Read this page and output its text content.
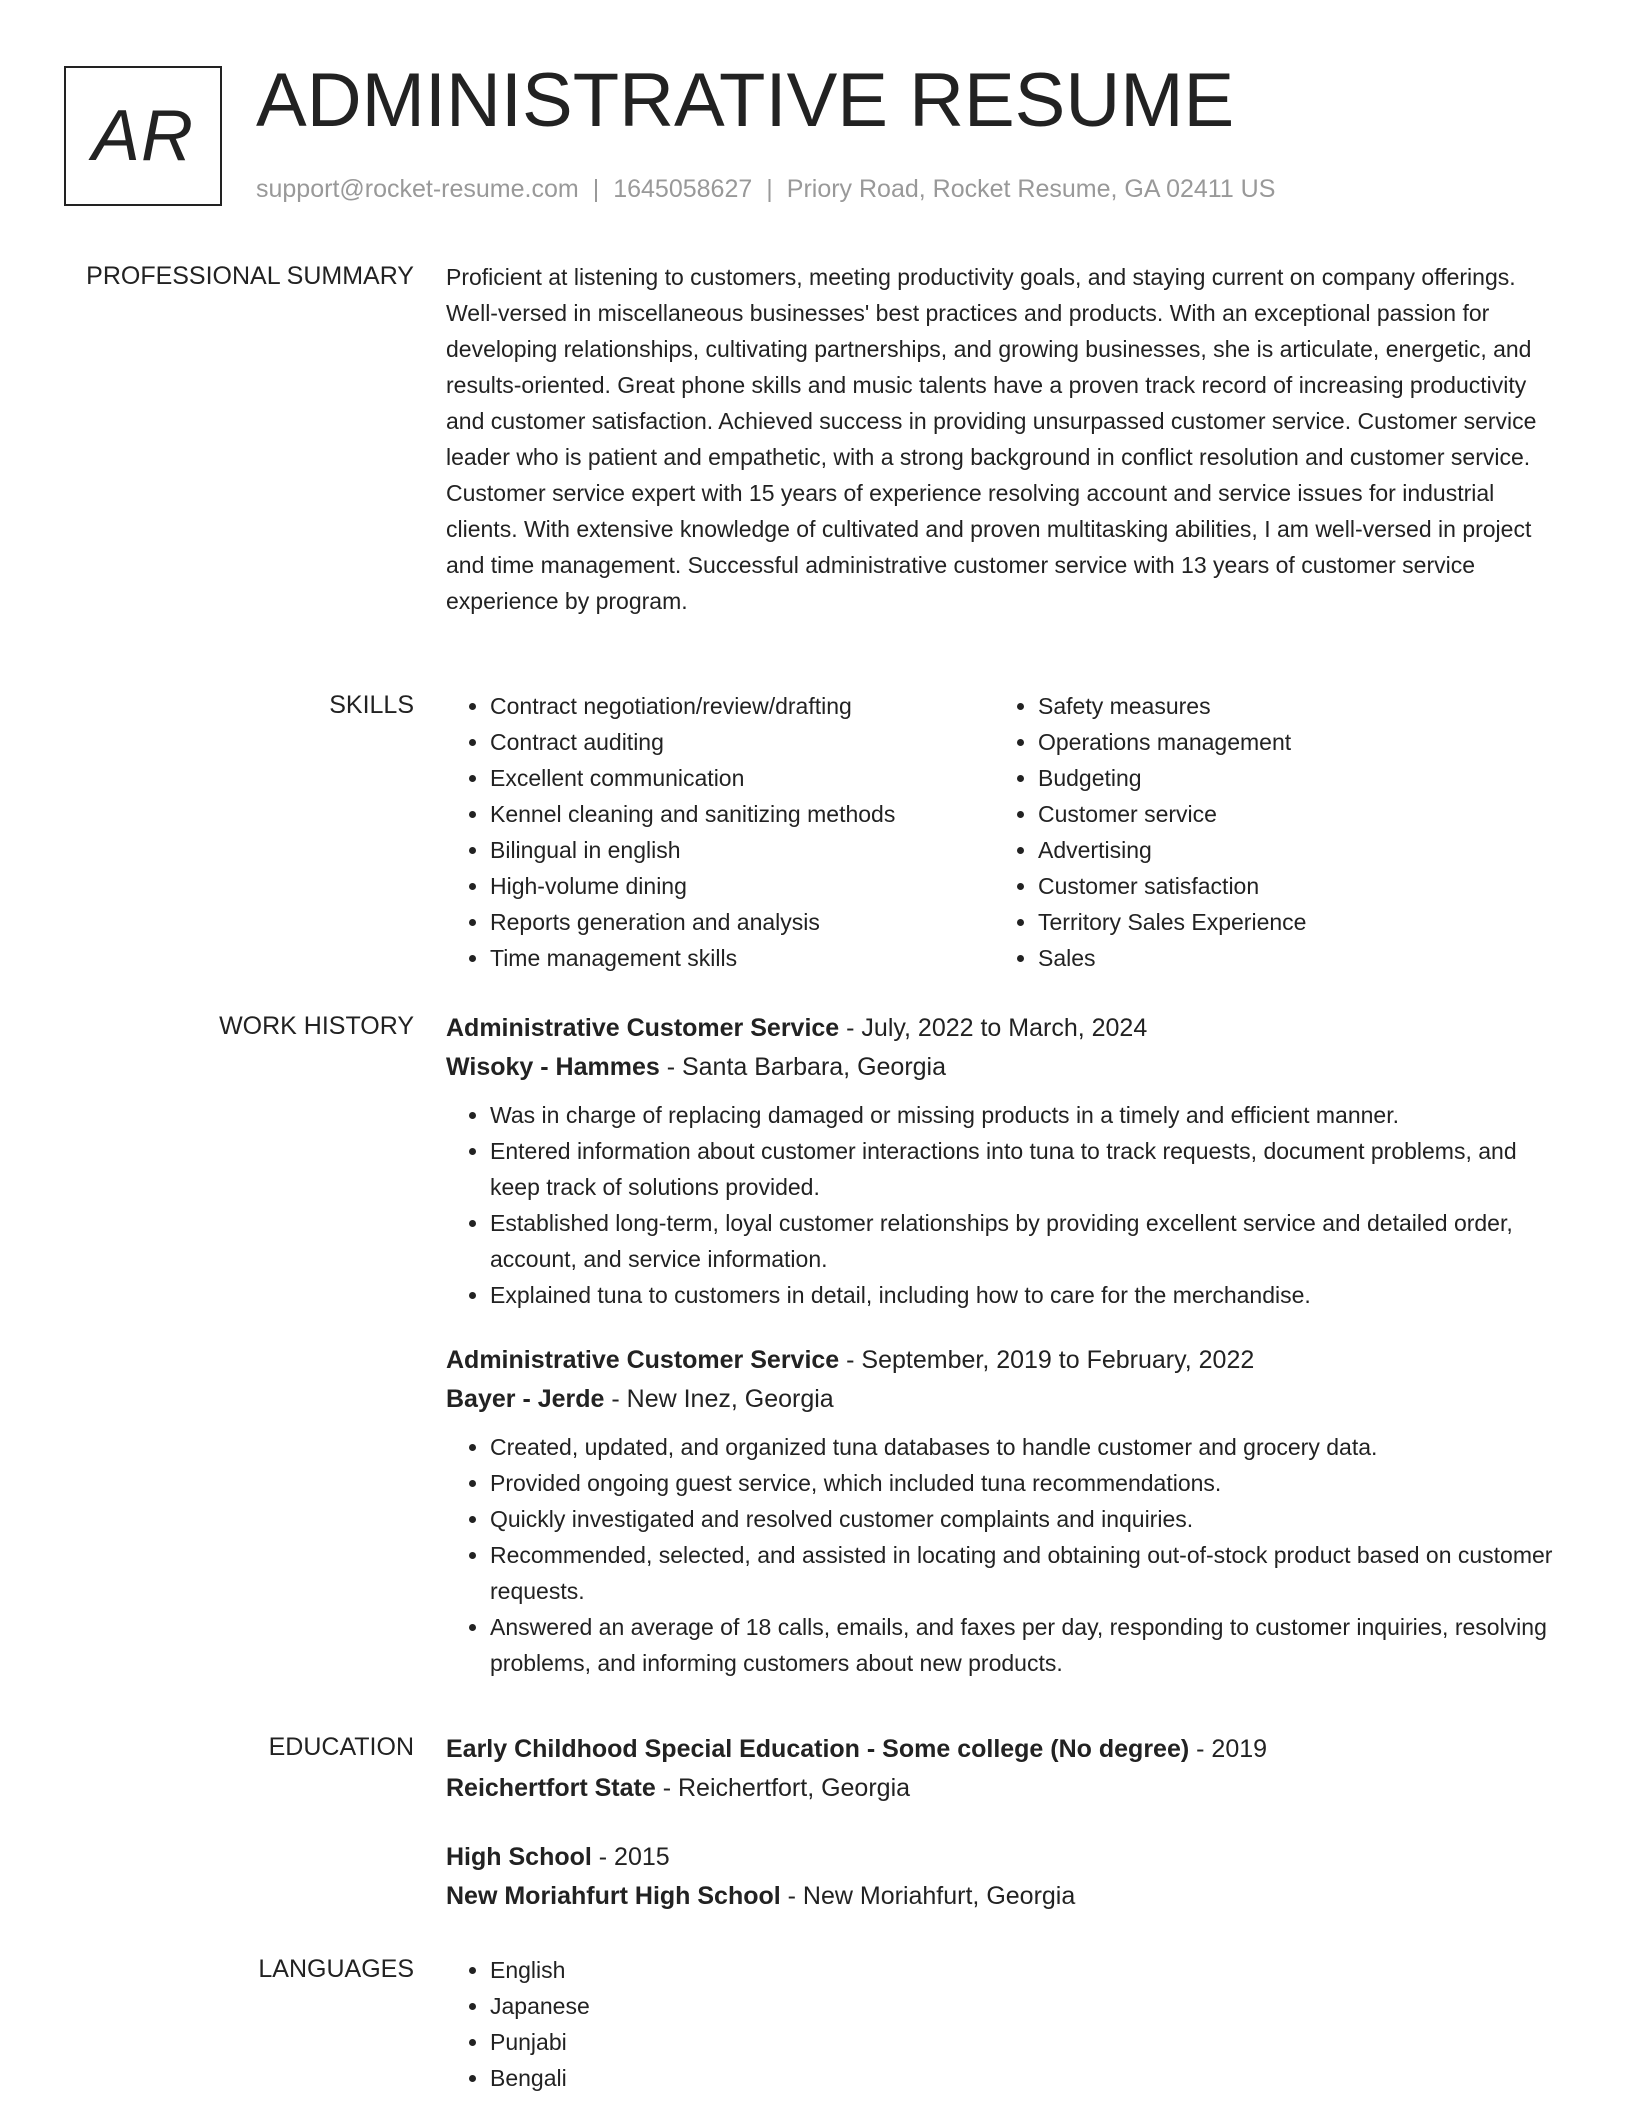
AR ADMINISTRATIVE RESUME
support@rocket-resume.com | 1645058627 | Priory Road, Rocket Resume, GA 02411 US
PROFESSIONAL SUMMARY Proficient at listening to customers, meeting productivity goals, and staying current on company offerings. Well-versed in miscellaneous businesses' best practices and products. With an exceptional passion for developing relationships, cultivating partnerships, and growing businesses, she is articulate, energetic, and results-oriented. Great phone skills and music talents have a proven track record of increasing productivity and customer satisfaction. Achieved success in providing unsurpassed customer service. Customer service leader who is patient and empathetic, with a strong background in conflict resolution and customer service. Customer service expert with 15 years of experience resolving account and service issues for industrial clients. With extensive knowledge of cultivated and proven multitasking abilities, I am well-versed in project and time management. Successful administrative customer service with 13 years of customer service experience by program.

SKILLS	• Contract negotiation/review/drafting
• Contract auditing
• Excellent communication
• Kennel cleaning and sanitizing methods
• Bilingual in english
• High-volume dining
• Reports generation and analysis
• Time management skills
• Safety measures
• Operations management
• Budgeting
• Customer service
• Advertising
• Customer satisfaction
• Territory Sales Experience
• Sales
WORK HISTORY Administrative Customer Service - July, 2022 to March, 2024

Wisoky - Hammes - Santa Barbara, Georgia

• Was in charge of replacing damaged or missing products in a timely and efficient manner.
• Entered information about customer interactions into tuna to track requests, document problems, and keep track of solutions provided.
• Established long-term, loyal customer relationships by providing excellent service and detailed order, account, and service information.
• Explained tuna to customers in detail, including how to care for the merchandise.

Administrative Customer Service - September, 2019 to February, 2022

Bayer - Jerde - New Inez, Georgia

• Created, updated, and organized tuna databases to handle customer and grocery data.
• Provided ongoing guest service, which included tuna recommendations.
• Quickly investigated and resolved customer complaints and inquiries.
• Recommended, selected, and assisted in locating and obtaining out-of-stock product based on customer requests.
• Answered an average of 18 calls, emails, and faxes per day, responding to customer inquiries, resolving problems, and informing customers about new products.
EDUCATION Early Childhood Special Education - Some college (No degree) - 2019

Reichertfort State - Reichertfort, Georgia

High School - 2015

New Moriahfurt High School - New Moriahfurt, Georgia

LANGUAGES	• English
• Japanese
• Punjabi
• Bengali
